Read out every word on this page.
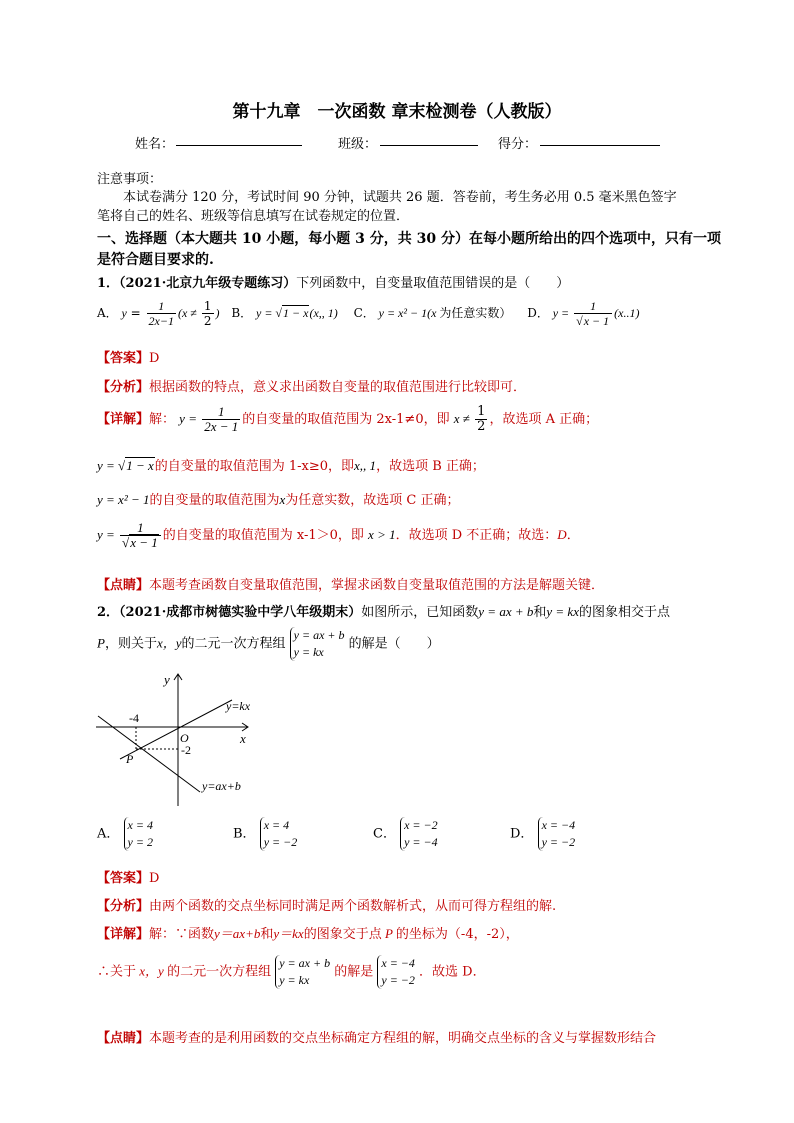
第十九章　一次函数 章末检测卷（人教版）
姓名：	班级：	得分：
注意事项：
本试卷满分 120 分，考试时间 90 分钟，试题共 26 题．答卷前，考生务必用 0.5 毫米黑色签字
笔将自己的姓名、班级等信息填写在试卷规定的位置．
一、选择题（本大题共 10 小题，每小题 3 分，共 30 分）在每小题所给出的四个选项中，只有一项
是符合题目要求的.
1．（2021·北京九年级专题练习）下列函数中，自变量取值范围错误的是（　　）
A． $y = \frac{1}{2x-1} (x \ne \frac{1}{2}$ ) B． y = √1 − x(x,, 1) C． y = x² − 1(x 为任意实数） D． $y = \frac{1}{√x - 1} (x..1)$
【答案】D
【分析】根据函数的特点，意义求出函数自变量的取值范围进行比较即可．
【详解】解： $y = \frac{1}{2x - 1}$ 的自变量的取值范围为 2x-1≠0，即 $x \ne \frac{1}{2}$ ，故选项 A 正确；
y = √1 − x的自变量的取值范围为 1-x≥0，即x,, 1，故选项 B 正确；
y = x² − 1的自变量的取值范围为x为任意实数，故选项 C 正确；
$y = \frac{1}{√x - 1}$ 的自变量的取值范围为 x-1＞0，即 x > 1．故选项 D 不正确；故选：D．
【点睛】本题考查函数自变量取值范围，掌握求函数自变量取值范围的方法是解题关键．
2．（2021·成都市树德实验中学八年级期末）如图所示，已知函数y = ax + b和y = kx的图象相交于点
P，则关于x，y的二元一次方程组
y = ax + b
y = kx
的解是（　　）
y
x
O
P
y=kx
y=ax+b
-4
-2
A．
x = 4
y = 2
B．
x = 4
y = −2
C．
x = −2
y = −4
D．
x = −4
y = −2
【答案】D
【分析】由两个函数的交点坐标同时满足两个函数解析式，从而可得方程组的解.
【详解】解：∵函数y＝ax+b和y＝kx的图象交于点 P 的坐标为（-4，-2），
∴关于 x，y 的二元一次方程组
y = ax + b
y = kx
的解是
x = −4
y = −2
．故选 D．
【点睛】本题考查的是利用函数的交点坐标确定方程组的解，明确交点坐标的含义与掌握数形结合
